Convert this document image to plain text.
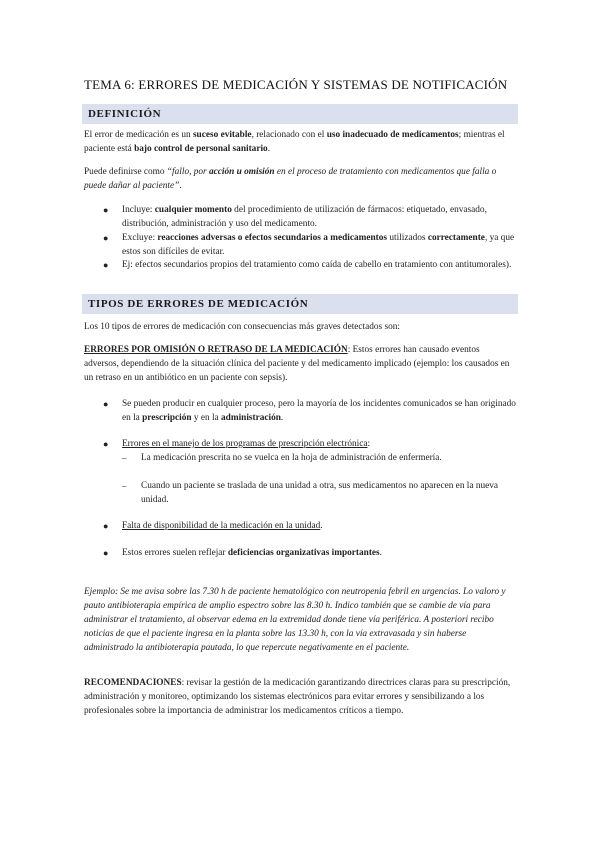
TEMA 6: ERRORES DE MEDICACIÓN Y SISTEMAS DE NOTIFICACIÓN
DEFINICIÓN
El error de medicación es un suceso evitable, relacionado con el uso inadecuado de medicamentos; mientras el paciente está bajo control de personal sanitario.
Puede definirse como “fallo, por acción u omisión en el proceso de tratamiento con medicamentos que falla o puede dañar al paciente”.
● Incluye: cualquier momento del procedimiento de utilización de fármacos: etiquetado, envasado, distribución, administración y uso del medicamento.
● Excluye: reacciones adversas o efectos secundarios a medicamentos utilizados correctamente, ya que estos son difíciles de evitar.
● Ej: efectos secundarios propios del tratamiento como caída de cabello en tratamiento con antitumorales).
TIPOS DE ERRORES DE MEDICACIÓN
Los 10 tipos de errores de medicación con consecuencias más graves detectados son:
ERRORES POR OMISIÓN O RETRASO DE LA MEDICACIÓN: Estos errores han causado eventos adversos, dependiendo de la situación clínica del paciente y del medicamento implicado (ejemplo: los causados en un retraso en un antibiótico en un paciente con sepsis).
● Se pueden producir en cualquier proceso, pero la mayoría de los incidentes comunicados se han originado en la prescripción y en la administración.
● Errores en el manejo de los programas de prescripción electrónica:
– La medicación prescrita no se vuelca en la hoja de administración de enfermería.
– Cuando un paciente se traslada de una unidad a otra, sus medicamentos no aparecen en la nueva unidad.
● Falta de disponibilidad de la medicación en la unidad.
● Estos errores suelen reflejar deficiencias organizativas importantes.
Ejemplo: Se me avisa sobre las 7.30 h de paciente hematológico con neutropenia febril en urgencias. Lo valoro y pauto antibioterapia empírica de amplio espectro sobre las 8.30 h. Indico también que se cambie de vía para administrar el tratamiento, al observar edema en la extremidad donde tiene vía periférica. A posteriori recibo noticias de que el paciente ingresa en la planta sobre las 13.30 h, con la vía extravasada y sin haberse administrado la antibioterapia pautada, lo que repercute negativamente en el paciente.
RECOMENDACIONES: revisar la gestión de la medicación garantizando directrices claras para su prescripción, administración y monitoreo, optimizando los sistemas electrónicos para evitar errores y sensibilizando a los profesionales sobre la importancia de administrar los medicamentos críticos a tiempo.
